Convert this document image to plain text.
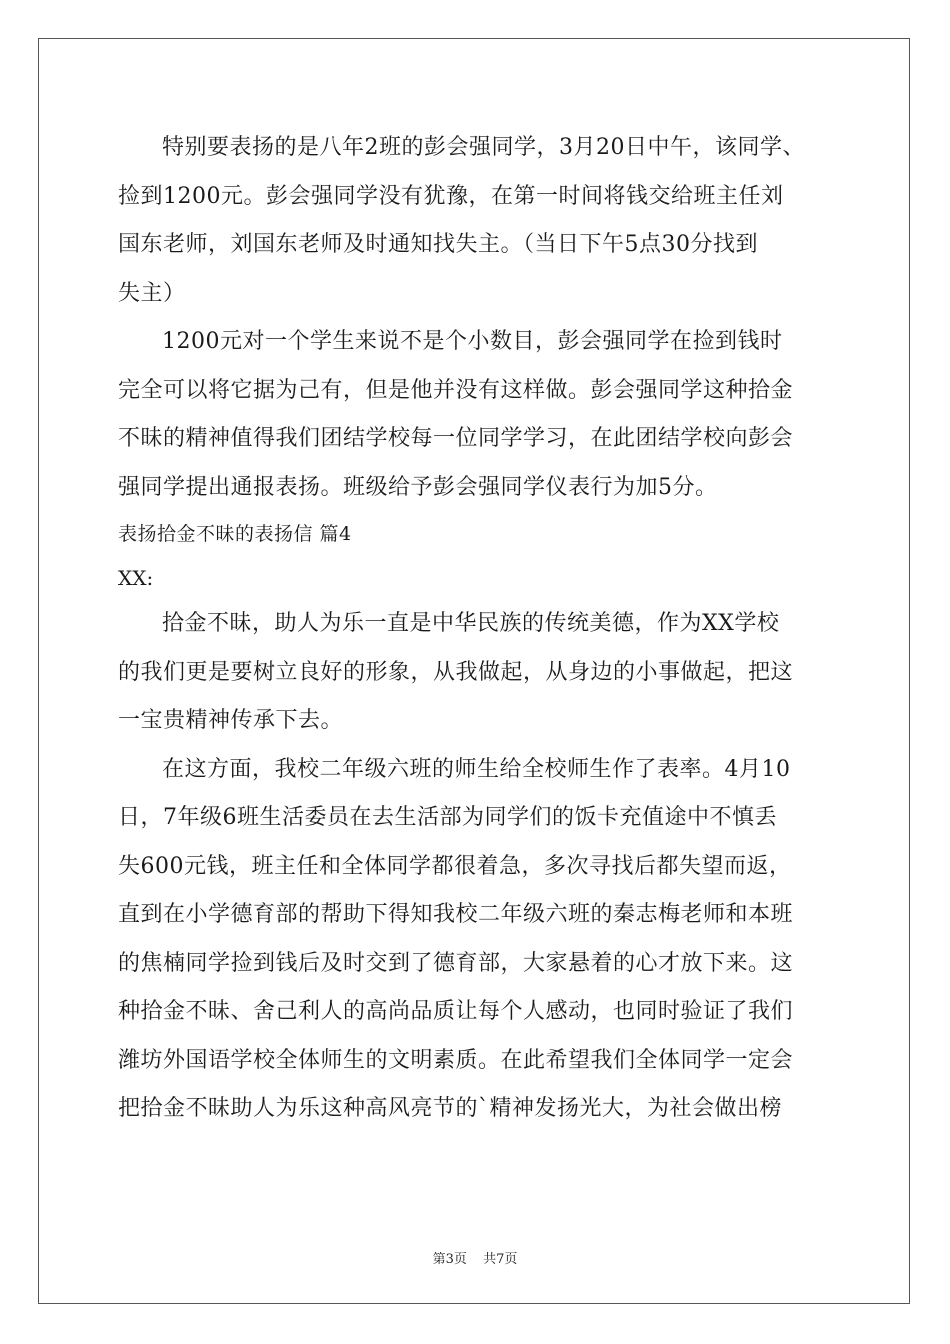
特别要表扬的是八年2班的彭会强同学，3月20日中午，该同学、
捡到1200元。彭会强同学没有犹豫，在第一时间将钱交给班主任刘
国东老师，刘国东老师及时通知找失主。（当日下午5点30分找到
失主）
1200元对一个学生来说不是个小数目，彭会强同学在捡到钱时
完全可以将它据为己有，但是他并没有这样做。彭会强同学这种拾金
不昧的精神值得我们团结学校每一位同学学习，在此团结学校向彭会
强同学提出通报表扬。班级给予彭会强同学仪表行为加5分。
表扬拾金不昧的表扬信 篇4
XX:
拾金不昧，助人为乐一直是中华民族的传统美德，作为XX学校
的我们更是要树立良好的形象，从我做起，从身边的小事做起，把这
一宝贵精神传承下去。
在这方面，我校二年级六班的师生给全校师生作了表率。4月10
日，7年级6班生活委员在去生活部为同学们的饭卡充值途中不慎丢
失600元钱，班主任和全体同学都很着急，多次寻找后都失望而返，
直到在小学德育部的帮助下得知我校二年级六班的秦志梅老师和本班
的焦楠同学捡到钱后及时交到了德育部，大家悬着的心才放下来。这
种拾金不昧、舍己利人的高尚品质让每个人感动，也同时验证了我们
潍坊外国语学校全体师生的文明素质。在此希望我们全体同学一定会
把拾金不昧助人为乐这种高风亮节的`精神发扬光大，为社会做出榜
第3页 共7页
